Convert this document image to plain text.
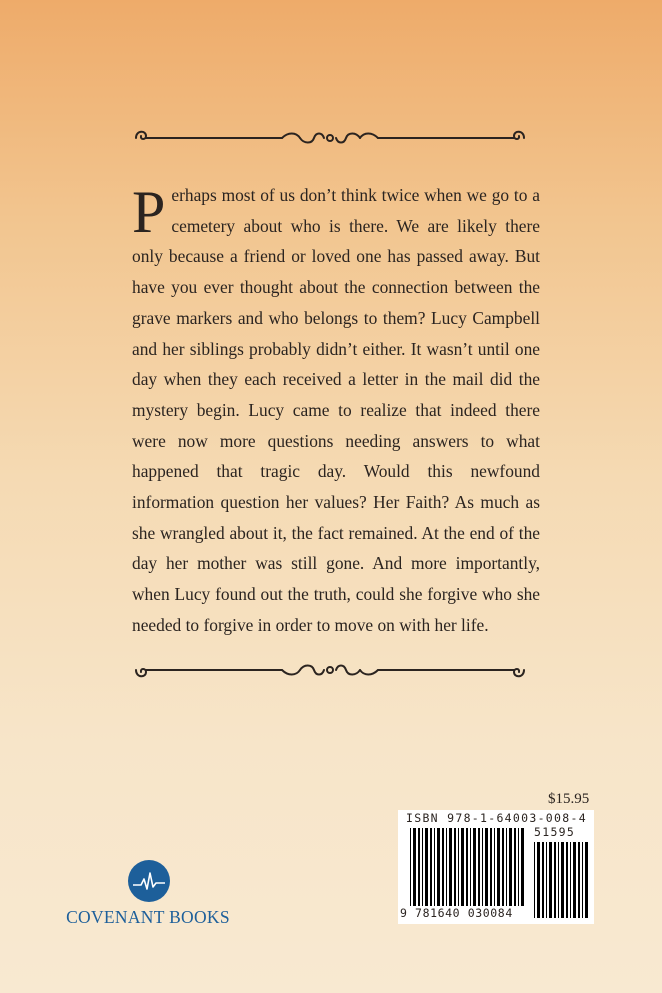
Perhaps most of us don’t think twice when we go to a cemetery about who is there. We are likely there only because a friend or loved one has passed away. But have you ever thought about the connection between the grave markers and who belongs to them? Lucy Campbell and her siblings probably didn’t either. It wasn’t until one day when they each received a letter in the mail did the mystery begin. Lucy came to realize that indeed there were now more questions needing answers to what happened that tragic day. Would this newfound information question her values? Her Faith? As much as she wrangled about it, the fact remained. At the end of the day her mother was still gone. And more importantly, when Lucy found out the truth, could she forgive who she needed to forgive in order to move on with her life.
$15.95
ISBN 978-1-64003-008-4
51595
9 781640 030084
COVENANT BOOKS
